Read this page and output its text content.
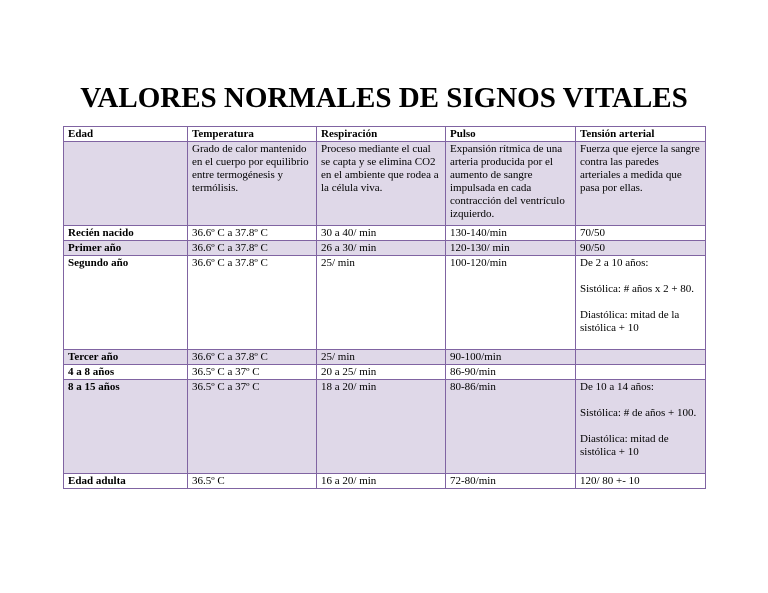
VALORES NORMALES DE SIGNOS VITALES
Edad	Temperatura	Respiración	Pulso	Tensión arterial
	Grado de calor mantenido en el cuerpo por equilibrio entre termogénesis y termólisis.	Proceso mediante el cual se capta y se elimina CO2 en el ambiente que rodea a la célula viva.	Expansión rítmica de una arteria producida por el aumento de sangre impulsada en cada contracción del ventrículo izquierdo.	Fuerza que ejerce la sangre contra las paredes arteriales a medida que pasa por ellas.
Recién nacido	36.6º C a 37.8º C	30 a 40/ min	130-140/min	70/50
Primer año	36.6º C a 37.8º C	26 a 30/ min	120-130/ min	90/50
Segundo año	36.6º C a 37.8º C	25/ min	100-120/min	De 2 a 10 años:

Sistólica: # años x 2 + 80.

Diastólica: mitad de la sistólica + 10
Tercer año	36.6º C a 37.8º C	25/ min	90-100/min	
4 a 8 años	36.5º C a 37º C	20 a 25/ min	86-90/min	
8 a 15 años	36.5º C a 37º C	18 a 20/ min	80-86/min	De 10 a 14 años:

Sistólica: # de años + 100.

Diastólica: mitad de sistólica + 10
Edad adulta	36.5º C	16 a 20/ min	72-80/min	120/ 80 +- 10
